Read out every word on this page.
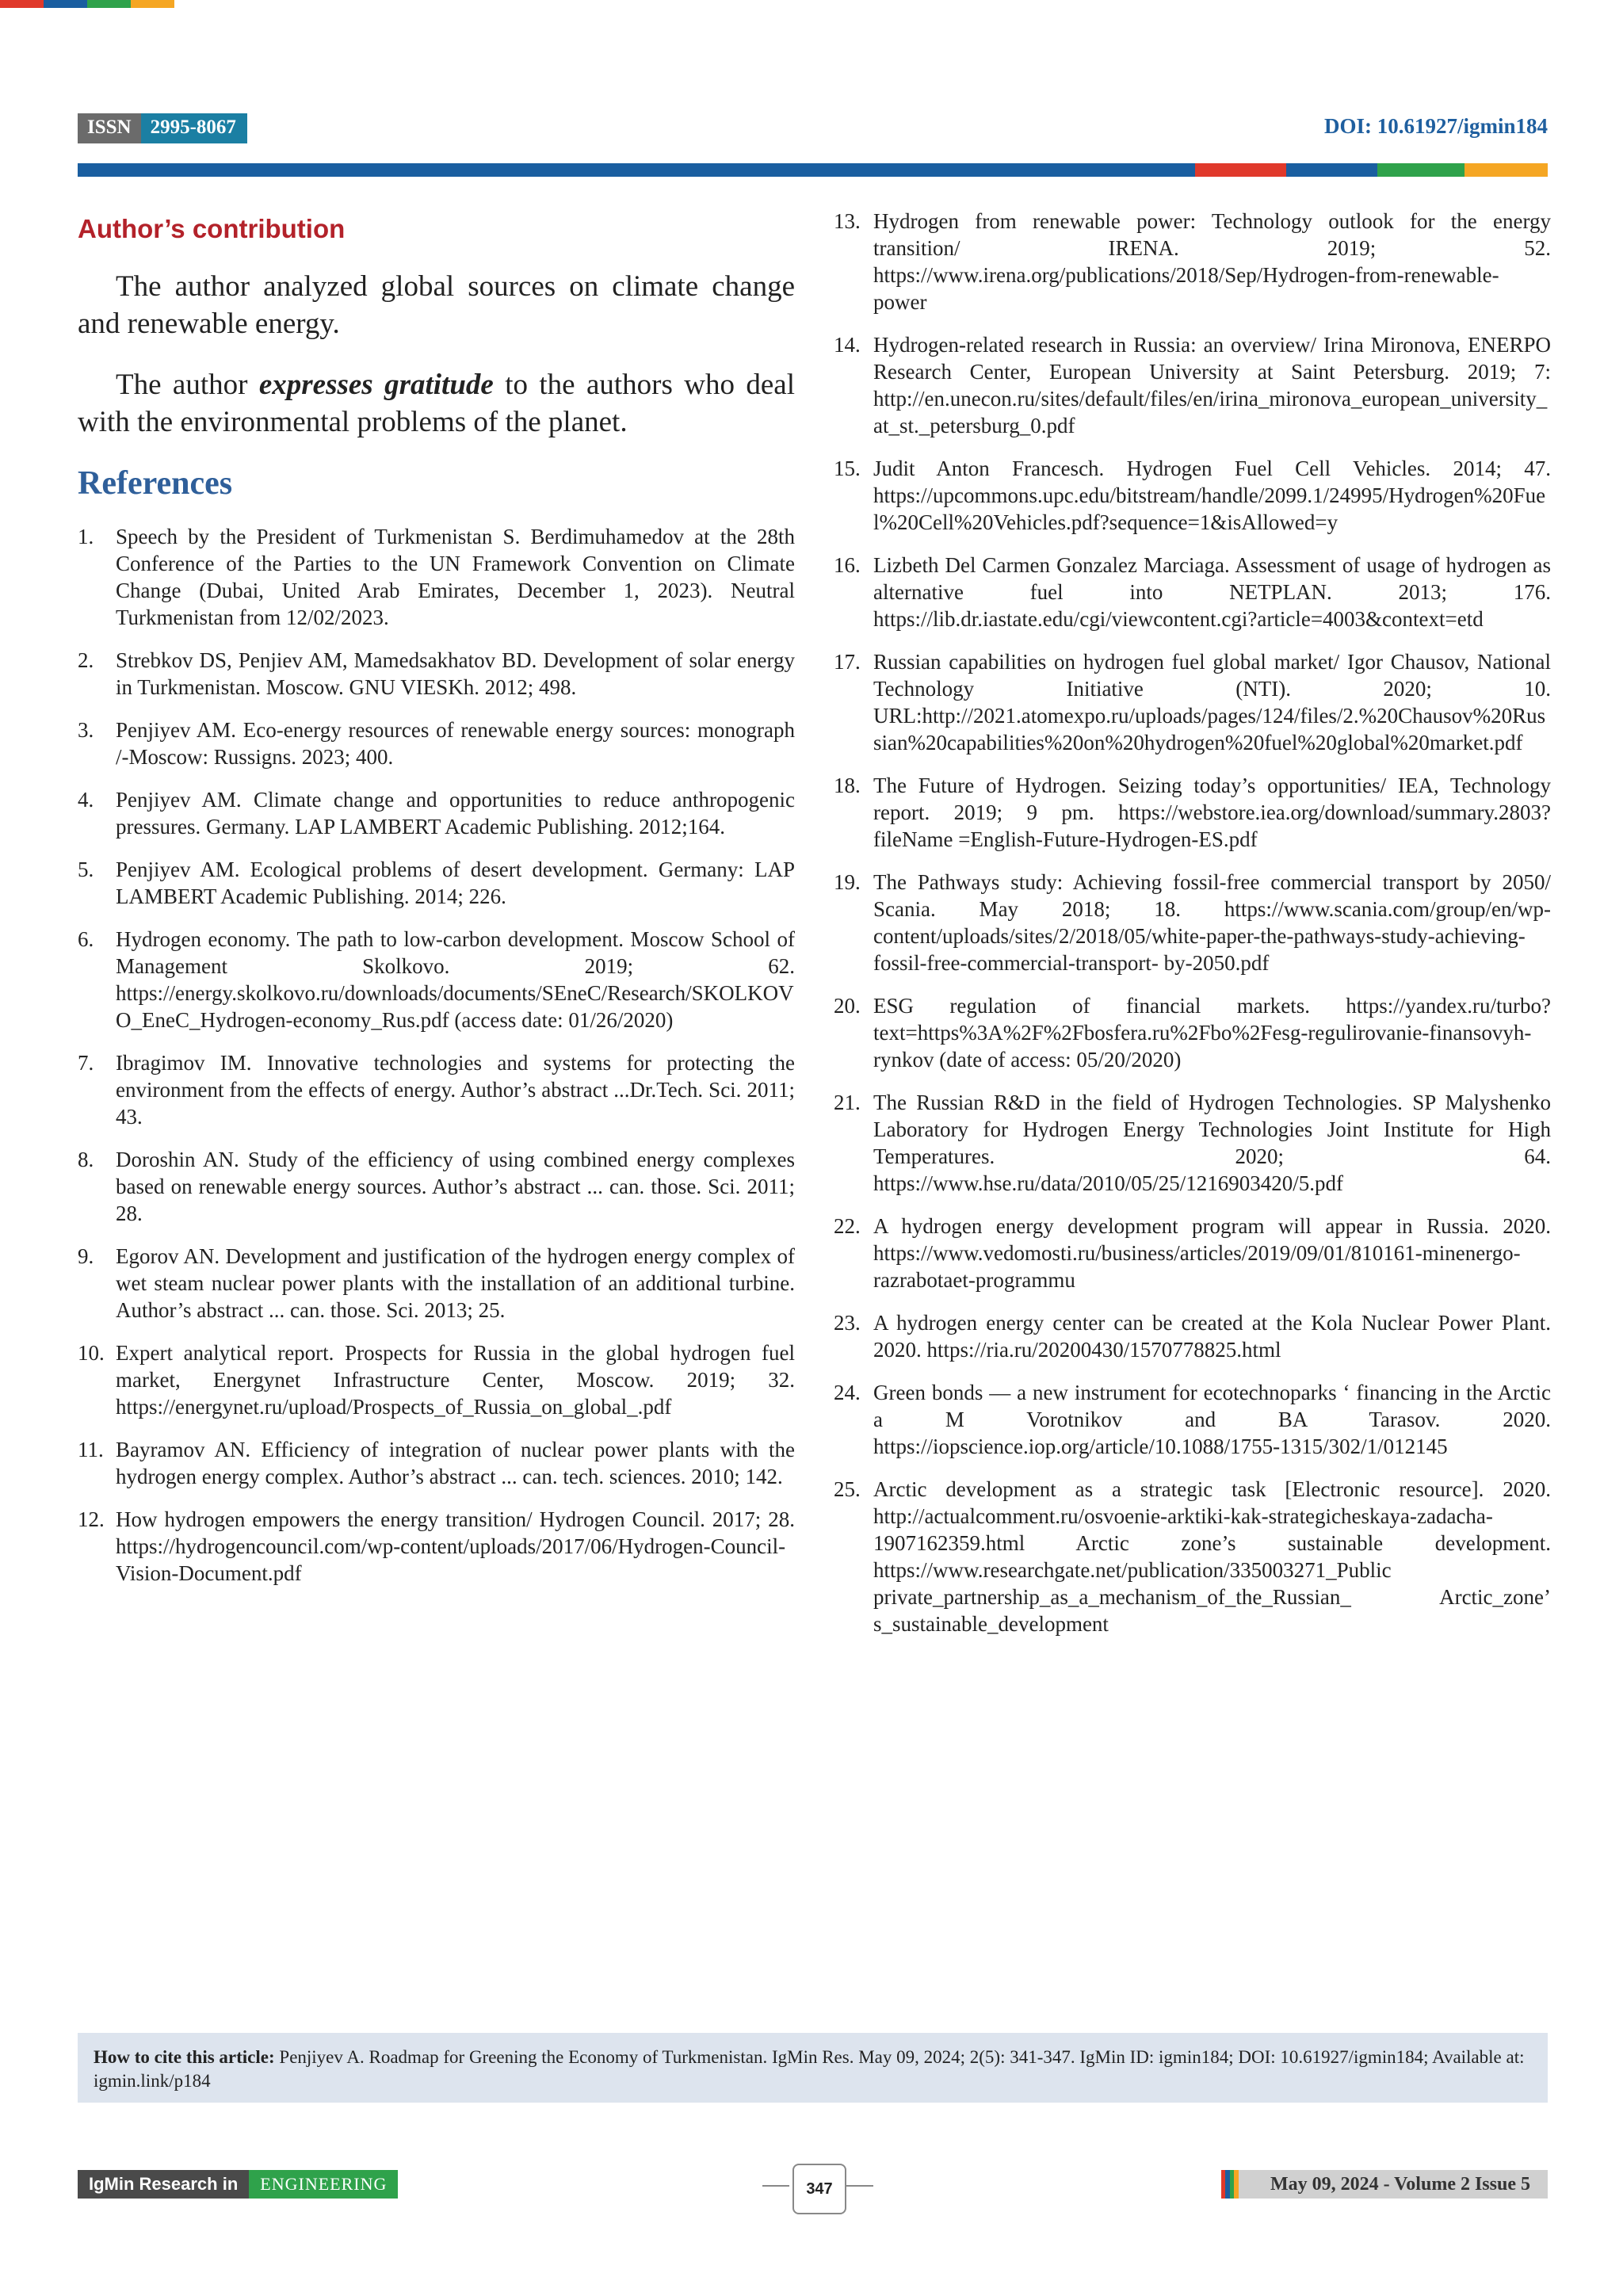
ISSN 2995-8067	DOI: 10.61927/igmin184
Author’s contribution

The author analyzed global sources on climate change and renewable energy.

The author expresses gratitude to the authors who deal with the environmental problems of the planet.

References
1.	Speech by the President of Turkmenistan S. Berdimuhamedov at the 28th Conference of the Parties to the UN Framework Convention on Climate Change (Dubai, United Arab Emirates, December 1, 2023). Neutral Turkmenistan from 12/02/2023.
2.	Strebkov DS, Penjiev AM, Mamedsakhatov BD. Development of solar energy in Turkmenistan. Moscow. GNU VIESKh. 2012; 498.
3.	Penjiyev AM. Eco-energy resources of renewable energy sources: monograph /-Moscow: Russigns. 2023; 400.
4.	Penjiyev AM. Climate change and opportunities to reduce anthropogenic pressures. Germany. LAP LAMBERT Academic Publishing. 2012;164.
5.	Penjiyev AM. Ecological problems of desert development. Germany: LAP LAMBERT Academic Publishing. 2014; 226.
6.	Hydrogen economy. The path to low-carbon development. Moscow School of Management Skolkovo. 2019; 62. https://energy.skolkovo.ru/downloads/documents/SEneC/Research/SKOLKOVO_EneC_Hydrogen-economy_Rus.pdf (access date: 01/26/2020)
7.	Ibragimov IM. Innovative technologies and systems for protecting the environment from the effects of energy. Author’s abstract ...Dr.Tech. Sci. 2011; 43.
8.	Doroshin AN. Study of the efficiency of using combined energy complexes based on renewable energy sources. Author’s abstract ... can. those. Sci. 2011; 28.
9.	Egorov AN. Development and justification of the hydrogen energy complex of wet steam nuclear power plants with the installation of an additional turbine. Author’s abstract ... can. those. Sci. 2013; 25.
10. Expert analytical report. Prospects for Russia in the global hydrogen fuel market, Energynet Infrastructure Center, Moscow. 2019; 32. https://energynet.ru/upload/Prospects_of_Russia_on_global_.pdf
11. Bayramov AN. Efficiency of integration of nuclear power plants with the hydrogen energy complex. Author’s abstract ... can. tech. sciences. 2010; 142.
12. How hydrogen empowers the energy transition/ Hydrogen Council. 2017; 28. https://hydrogencouncil.com/wp-content/uploads/2017/06/Hydrogen-Council-Vision-Document.pdf
13. Hydrogen from renewable power: Technology outlook for the energy transition/ IRENA. 2019; 52. https://www.irena.org/publications/2018/Sep/Hydrogen-from-renewable-power
14. Hydrogen-related research in Russia: an overview/ Irina Mironova, ENERPO Research Center, European University at Saint Petersburg. 2019; 7: http://en.unecon.ru/sites/default/files/en/irina_mironova_european_university_at_st._petersburg_0.pdf
15. Judit Anton Francesch. Hydrogen Fuel Cell Vehicles. 2014; 47. https://upcommons.upc.edu/bitstream/handle/2099.1/24995/Hydrogen%20Fuel%20Cell%20Vehicles.pdf?sequence=1&isAllowed=y
16. Lizbeth Del Carmen Gonzalez Marciaga. Assessment of usage of hydrogen as alternative fuel into NETPLAN. 2013; 176. https://lib.dr.iastate.edu/cgi/viewcontent.cgi?article=4003&context=etd
17. Russian capabilities on hydrogen fuel global market/ Igor Chausov, National Technology Initiative (NTI). 2020; 10. URL:http://2021.atomexpo.ru/uploads/pages/124/files/2.%20Chausov%20Russian%20capabilities%20on%20hydrogen%20fuel%20global%20market.pdf
18. The Future of Hydrogen. Seizing today’s opportunities/ IEA, Technology report. 2019; 9 pm. https://webstore.iea.org/download/summary.2803? fileName =English-Future-Hydrogen-ES.pdf
19. The Pathways study: Achieving fossil-free commercial transport by 2050/ Scania. May 2018; 18. https://www.scania.com/group/en/wp-content/uploads/sites/2/2018/05/white-paper-the-pathways-study-achieving-fossil-free-commercial-transport- by-2050.pdf
20. ESG regulation of financial markets. https://yandex.ru/turbo?text=https%3A%2F%2Fbosfera.ru%2Fbo%2Fesg-regulirovanie-finansovyh-rynkov (date of access: 05/20/2020)
21. The Russian R&D in the field of Hydrogen Technologies. SP Malyshenko Laboratory for Hydrogen Energy Technologies Joint Institute for High Temperatures. 2020; 64. https://www.hse.ru/data/2010/05/25/1216903420/5.pdf
22. A hydrogen energy development program will appear in Russia. 2020. https://www.vedomosti.ru/business/articles/2019/09/01/810161-minenergo-razrabotaet-programmu
23. A hydrogen energy center can be created at the Kola Nuclear Power Plant. 2020. https://ria.ru/20200430/1570778825.html
24. Green bonds — a new instrument for ecotechnoparks ‘ financing in the Arctic a M Vorotnikov and BA Tarasov. 2020. https://iopscience.iop.org/article/10.1088/1755-1315/302/1/012145
25. Arctic development as a strategic task [Electronic resource]. 2020. http://actualcomment.ru/osvoenie-arktiki-kak-strategicheskaya-zadacha-1907162359.html Arctic zone’s sustainable development. https://www.researchgate.net/publication/335003271_Public private_partnership_as_a_mechanism_of_the_Russian_ Arctic_zone’ s_sustainable_development
How to cite this article: Penjiyev A. Roadmap for Greening the Economy of Turkmenistan. IgMin Res. May 09, 2024; 2(5): 341-347. IgMin ID: igmin184; DOI: 10.61927/igmin184; Available at: igmin.link/p184
IgMin Research in	ENGINEERING	347	May 09, 2024 - Volume 2 Issue 5
